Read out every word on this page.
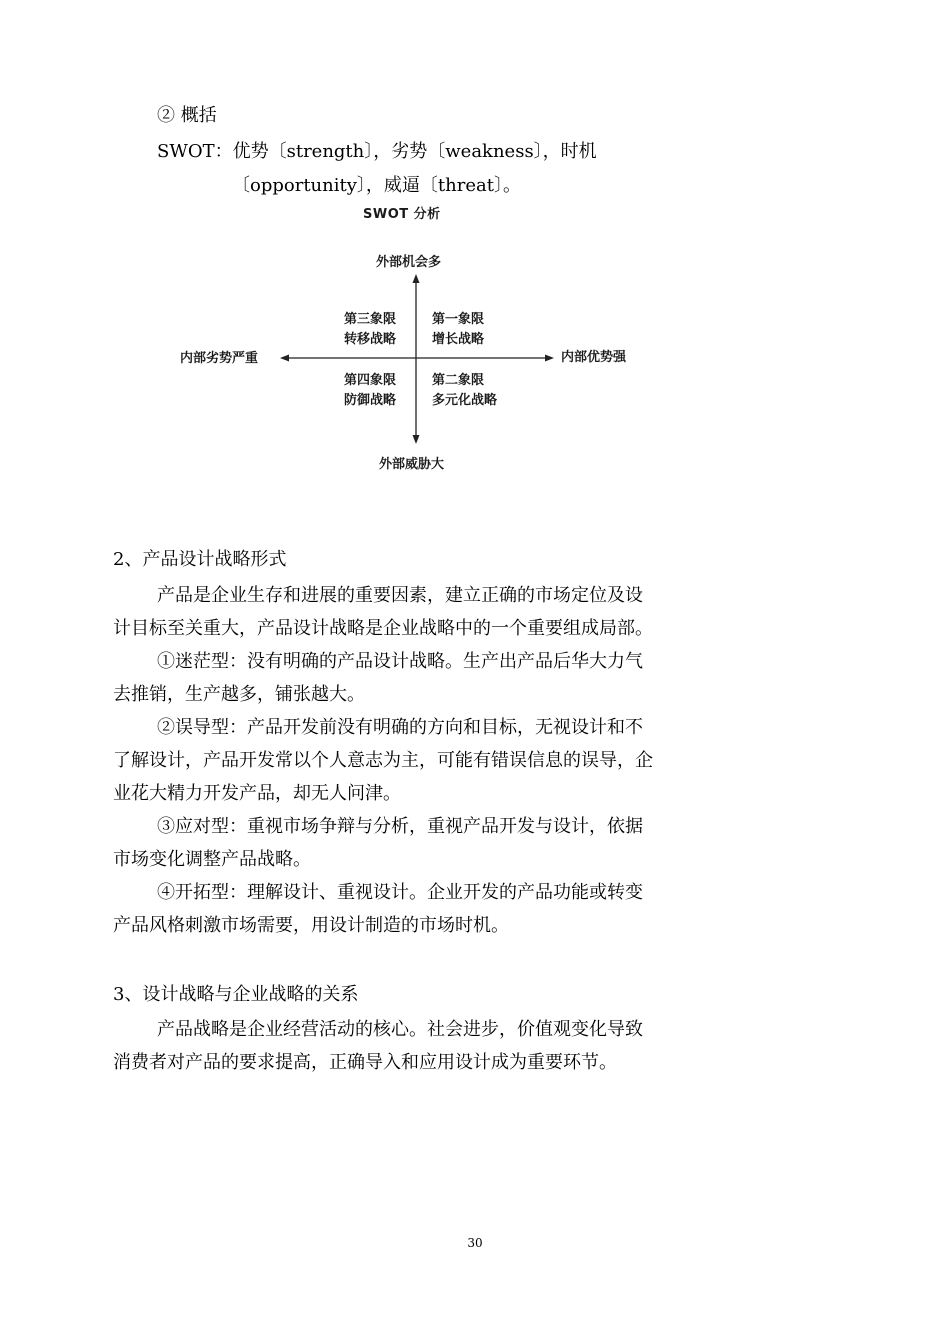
② 概括
SWOT：优势〔strength〕，劣势〔weakness〕，时机
〔opportunity〕，威逼〔threat〕。
SWOT 分析
外部机会多
外部威胁大
内部劣势严重	内部优势强
第三象限
转移战略
第一象限
增长战略
第四象限
防御战略
第二象限
多元化战略
2、产品设计战略形式
产品是企业生存和进展的重要因素，建立正确的市场定位及设
计目标至关重大，产品设计战略是企业战略中的一个重要组成局部。
①迷茫型：没有明确的产品设计战略。生产出产品后华大力气
去推销，生产越多，铺张越大。
②误导型：产品开发前没有明确的方向和目标，无视设计和不
了解设计，产品开发常以个人意志为主，可能有错误信息的误导，企
业花大精力开发产品，却无人问津。
③应对型：重视市场争辩与分析，重视产品开发与设计，依据
市场变化调整产品战略。
④开拓型：理解设计、重视设计。企业开发的产品功能或转变
产品风格刺激市场需要，用设计制造的市场时机。
3、设计战略与企业战略的关系
产品战略是企业经营活动的核心。社会进步，价值观变化导致
消费者对产品的要求提高，正确导入和应用设计成为重要环节。
30
